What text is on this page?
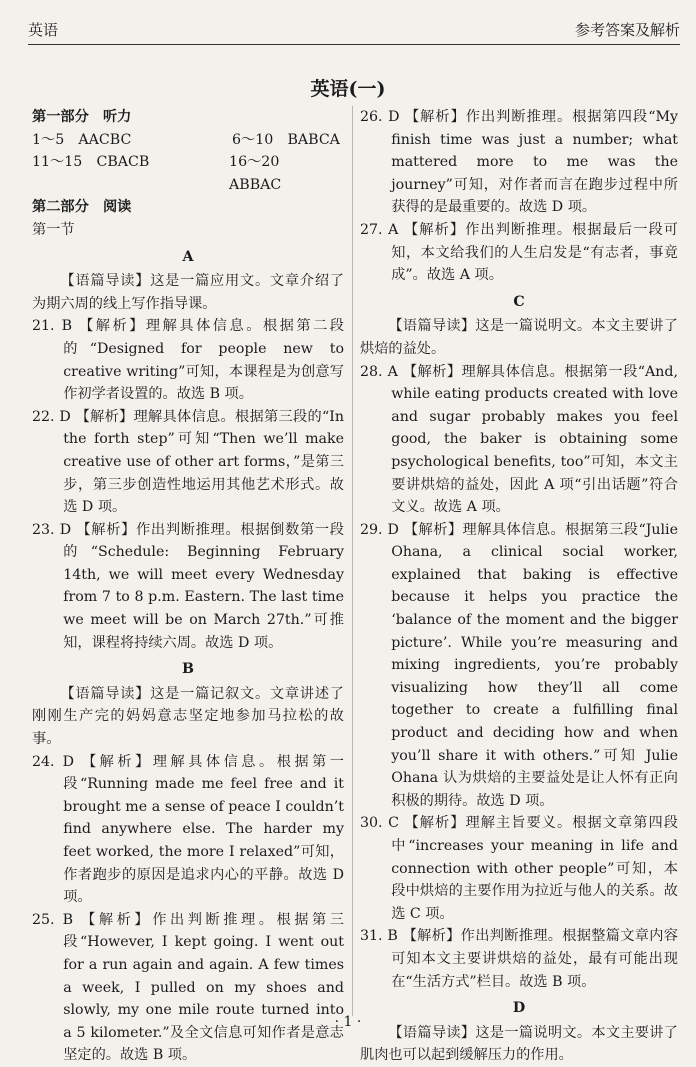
英语	参考答案及解析
英语(一)
第一部分　听力
1～5　AACBC	6～10　BABCA
11～15　CBACB	16～20　ABBAC
第二部分　阅读
第一节
A

【语篇导读】这是一篇应用文。文章介绍了为期六周的线上写作指导课。

21. B 【解析】理解具体信息。根据第二段的“Designed for people new to creative writing”可知，本课程是为创意写作初学者设置的。故选 B 项。

22. D 【解析】理解具体信息。根据第三段的“In the forth step”可知“Then we’ll make creative use of other art forms，”是第三步，第三步创造性地运用其他艺术形式。故选 D 项。

23. D 【解析】作出判断推理。根据倒数第一段的“Schedule: Beginning February 14th, we will meet every Wednesday from 7 to 8 p.m. Eastern. The last time we meet will be on March 27th.”可推知，课程将持续六周。故选 D 项。

B

【语篇导读】这是一篇记叙文。文章讲述了刚刚生产完的妈妈意志坚定地参加马拉松的故事。

24. D 【解析】理解具体信息。根据第一段“Running made me feel free and it brought me a sense of peace I couldn’t find anywhere else. The harder my feet worked, the more I relaxed”可知，作者跑步的原因是追求内心的平静。故选 D 项。

25. B 【解析】作出判断推理。根据第三段“However, I kept going. I went out for a run again and again. A few times a week, I pulled on my shoes and slowly, my one mile route turned into a 5 kilometer.”及全文信息可知作者是意志坚定的。故选 B 项。

26. D 【解析】作出判断推理。根据第四段“My finish time was just a number; what mattered more to me was the journey”可知，对作者而言在跑步过程中所获得的是最重要的。故选 D 项。

27. A 【解析】作出判断推理。根据最后一段可知，本文给我们的人生启发是“有志者，事竟成”。故选 A 项。

C

【语篇导读】这是一篇说明文。本文主要讲了烘焙的益处。

28. A 【解析】理解具体信息。根据第一段“And, while eating products created with love and sugar probably makes you feel good, the baker is obtaining some psychological benefits, too”可知，本文主要讲烘焙的益处，因此 A 项“引出话题”符合文义。故选 A 项。

29. D 【解析】理解具体信息。根据第三段“Julie Ohana, a clinical social worker, explained that baking is effective because it helps you practice the ‘balance of the moment and the bigger picture’. While you’re measuring and mixing ingredients, you’re probably visualizing how they’ll all come together to create a fulfilling final product and deciding how and when you’ll share it with others.”可知 Julie Ohana 认为烘焙的主要益处是让人怀有正向积极的期待。故选 D 项。

30. C 【解析】理解主旨要义。根据文章第四段中“increases your meaning in life and connection with other people”可知，本段中烘焙的主要作用为拉近与他人的关系。故选 C 项。

31. B 【解析】作出判断推理。根据整篇文章内容可知本文主要讲烘焙的益处，最有可能出现在“生活方式”栏目。故选 B 项。

D

【语篇导读】这是一篇说明文。本文主要讲了肌肉也可以起到缓解压力的作用。

· 1 ·
